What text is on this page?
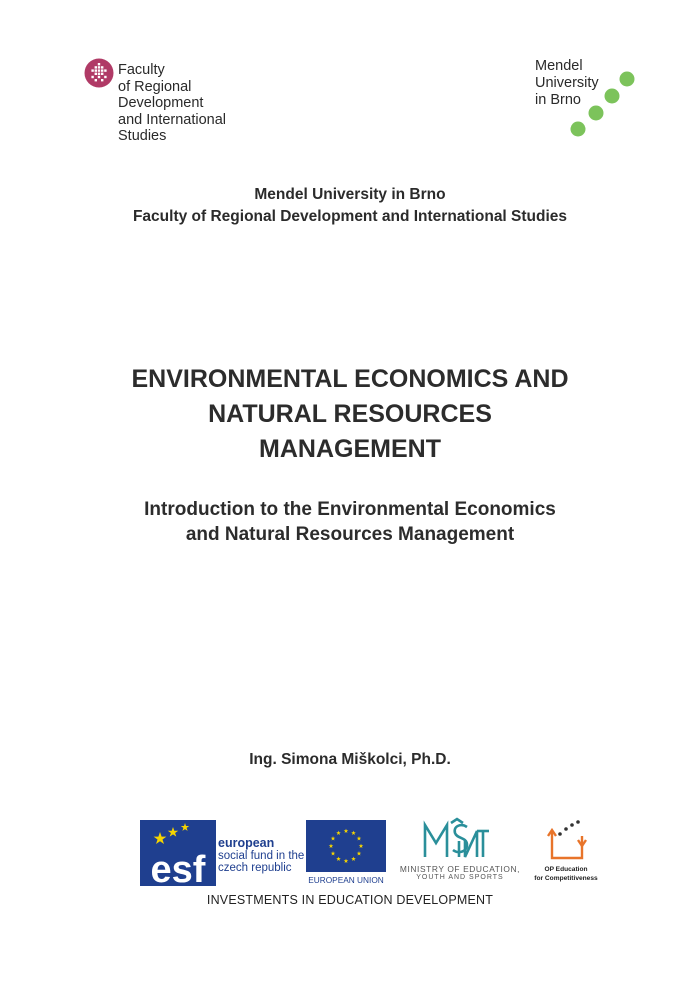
Faculty
of Regional
Development
and International
Studies
Mendel
University
in Brno
Mendel University in Brno
Faculty of Regional Development and International Studies
ENVIRONMENTAL ECONOMICS AND
NATURAL RESOURCES
MANAGEMENT
Introduction to the Environmental Economics
and Natural Resources Management
Ing. Simona Miškolci, Ph.D.
esf
european
social fund in the
czech republic
EUROPEAN UNION
MINISTRY OF EDUCATION,
YOUTH AND SPORTS
OP Education
for Competitiveness
INVESTMENTS IN EDUCATION DEVELOPMENT
